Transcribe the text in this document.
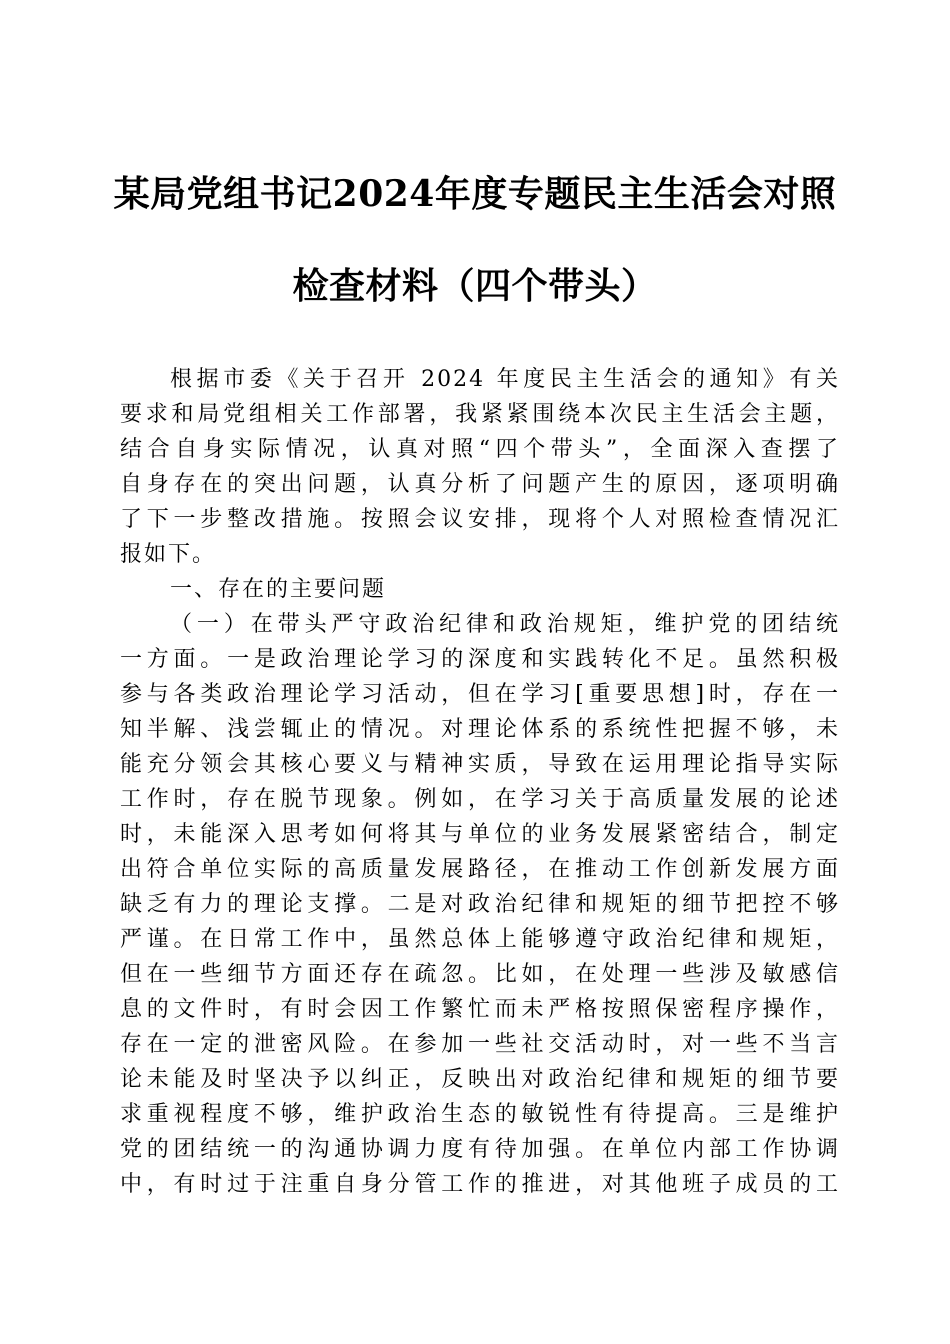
某局党组书记2024年度专题民主生活会对照
检查材料（四个带头）
根据市委《关于召开 2024 年度民主生活会的通知》有关
要求和局党组相关工作部署，我紧紧围绕本次民主生活会主题，
结合自身实际情况，认真对照“四个带头”，全面深入查摆了
自身存在的突出问题，认真分析了问题产生的原因，逐项明确
了下一步整改措施。按照会议安排，现将个人对照检查情况汇
报如下。
一、存在的主要问题
（一）在带头严守政治纪律和政治规矩，维护党的团结统
一方面。一是政治理论学习的深度和实践转化不足。虽然积极
参与各类政治理论学习活动，但在学习[重要思想]时，存在一
知半解、浅尝辄止的情况。对理论体系的系统性把握不够，未
能充分领会其核心要义与精神实质，导致在运用理论指导实际
工作时，存在脱节现象。例如，在学习关于高质量发展的论述
时，未能深入思考如何将其与单位的业务发展紧密结合，制定
出符合单位实际的高质量发展路径，在推动工作创新发展方面
缺乏有力的理论支撑。二是对政治纪律和规矩的细节把控不够
严谨。在日常工作中，虽然总体上能够遵守政治纪律和规矩，
但在一些细节方面还存在疏忽。比如，在处理一些涉及敏感信
息的文件时，有时会因工作繁忙而未严格按照保密程序操作，
存在一定的泄密风险。在参加一些社交活动时，对一些不当言
论未能及时坚决予以纠正，反映出对政治纪律和规矩的细节要
求重视程度不够，维护政治生态的敏锐性有待提高。三是维护
党的团结统一的沟通协调力度有待加强。在单位内部工作协调
中，有时过于注重自身分管工作的推进，对其他班子成员的工
